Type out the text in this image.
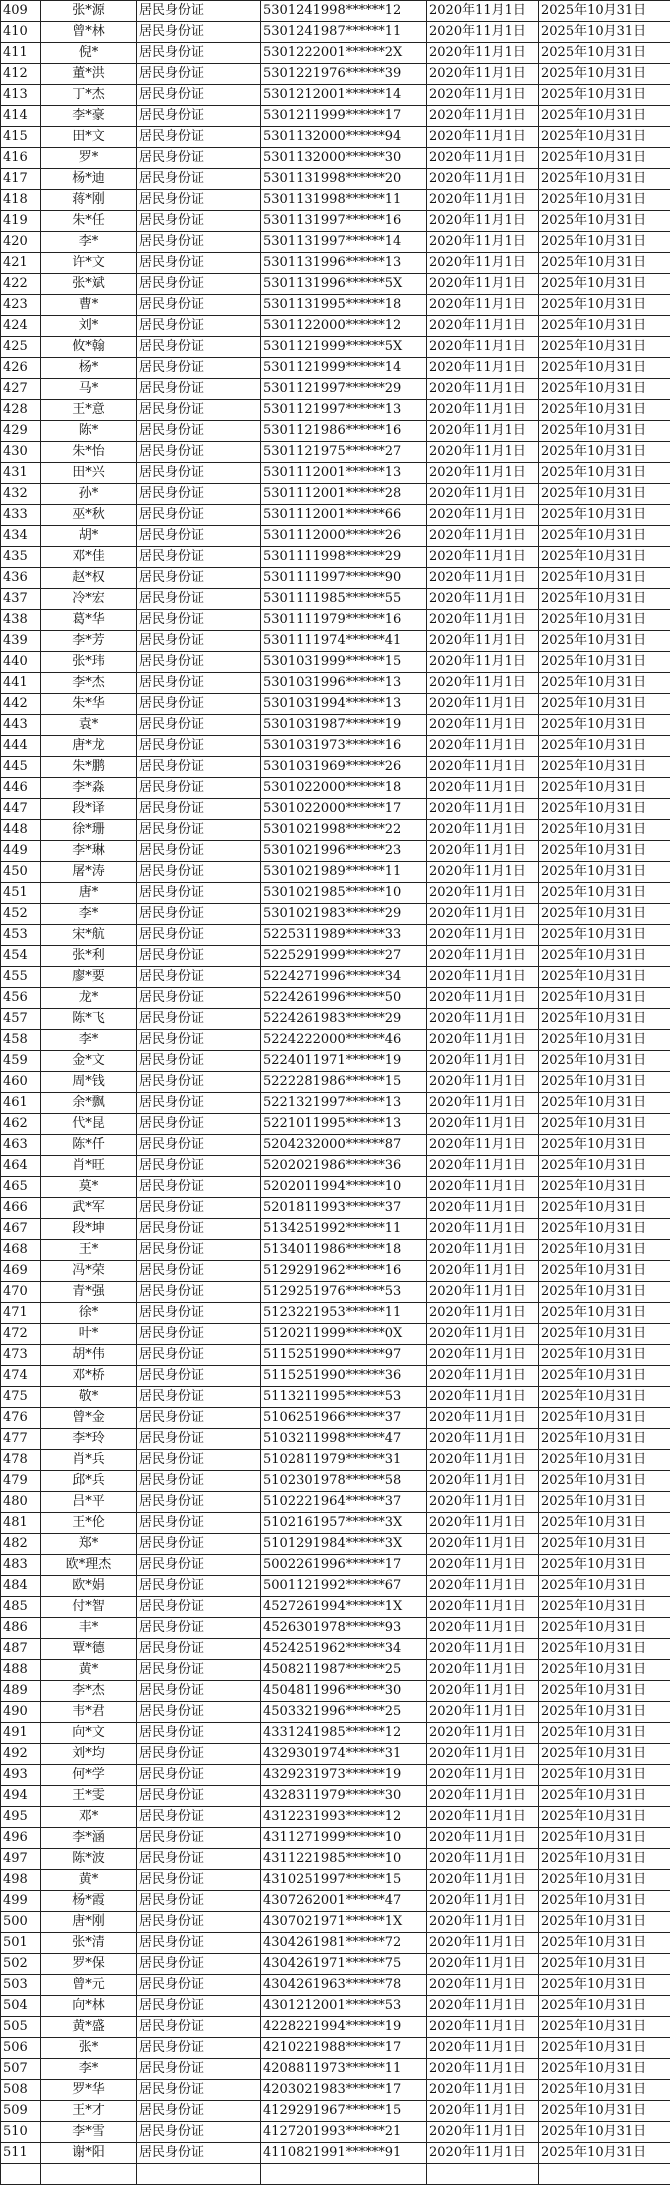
409	张*源	居民身份证	5301241998******12	2020年11月1日	2025年10月31日
410	曾*林	居民身份证	5301241987******11	2020年11月1日	2025年10月31日
411	倪*	居民身份证	5301222001******2X	2020年11月1日	2025年10月31日
412	董*洪	居民身份证	5301221976******39	2020年11月1日	2025年10月31日
413	丁*杰	居民身份证	5301212001******14	2020年11月1日	2025年10月31日
414	李*豪	居民身份证	5301211999******17	2020年11月1日	2025年10月31日
415	田*文	居民身份证	5301132000******94	2020年11月1日	2025年10月31日
416	罗*	居民身份证	5301132000******30	2020年11月1日	2025年10月31日
417	杨*迪	居民身份证	5301131998******20	2020年11月1日	2025年10月31日
418	蒋*刚	居民身份证	5301131998******11	2020年11月1日	2025年10月31日
419	朱*任	居民身份证	5301131997******16	2020年11月1日	2025年10月31日
420	李*	居民身份证	5301131997******14	2020年11月1日	2025年10月31日
421	许*文	居民身份证	5301131996******13	2020年11月1日	2025年10月31日
422	张*斌	居民身份证	5301131996******5X	2020年11月1日	2025年10月31日
423	曹*	居民身份证	5301131995******18	2020年11月1日	2025年10月31日
424	刘*	居民身份证	5301122000******12	2020年11月1日	2025年10月31日
425	攸*翰	居民身份证	5301121999******5X	2020年11月1日	2025年10月31日
426	杨*	居民身份证	5301121999******14	2020年11月1日	2025年10月31日
427	马*	居民身份证	5301121997******29	2020年11月1日	2025年10月31日
428	王*意	居民身份证	5301121997******13	2020年11月1日	2025年10月31日
429	陈*	居民身份证	5301121986******16	2020年11月1日	2025年10月31日
430	朱*怡	居民身份证	5301121975******27	2020年11月1日	2025年10月31日
431	田*兴	居民身份证	5301112001******13	2020年11月1日	2025年10月31日
432	孙*	居民身份证	5301112001******28	2020年11月1日	2025年10月31日
433	巫*秋	居民身份证	5301112001******66	2020年11月1日	2025年10月31日
434	胡*	居民身份证	5301112000******26	2020年11月1日	2025年10月31日
435	邓*佳	居民身份证	5301111998******29	2020年11月1日	2025年10月31日
436	赵*权	居民身份证	5301111997******90	2020年11月1日	2025年10月31日
437	冷*宏	居民身份证	5301111985******55	2020年11月1日	2025年10月31日
438	葛*华	居民身份证	5301111979******16	2020年11月1日	2025年10月31日
439	李*芳	居民身份证	5301111974******41	2020年11月1日	2025年10月31日
440	张*玮	居民身份证	5301031999******15	2020年11月1日	2025年10月31日
441	李*杰	居民身份证	5301031996******13	2020年11月1日	2025年10月31日
442	朱*华	居民身份证	5301031994******13	2020年11月1日	2025年10月31日
443	袁*	居民身份证	5301031987******19	2020年11月1日	2025年10月31日
444	唐*龙	居民身份证	5301031973******16	2020年11月1日	2025年10月31日
445	朱*鹏	居民身份证	5301031969******26	2020年11月1日	2025年10月31日
446	李*淼	居民身份证	5301022000******18	2020年11月1日	2025年10月31日
447	段*译	居民身份证	5301022000******17	2020年11月1日	2025年10月31日
448	徐*珊	居民身份证	5301021998******22	2020年11月1日	2025年10月31日
449	李*琳	居民身份证	5301021996******23	2020年11月1日	2025年10月31日
450	屠*涛	居民身份证	5301021989******11	2020年11月1日	2025年10月31日
451	唐*	居民身份证	5301021985******10	2020年11月1日	2025年10月31日
452	李*	居民身份证	5301021983******29	2020年11月1日	2025年10月31日
453	宋*航	居民身份证	5225311989******33	2020年11月1日	2025年10月31日
454	张*利	居民身份证	5225291999******27	2020年11月1日	2025年10月31日
455	廖*要	居民身份证	5224271996******34	2020年11月1日	2025年10月31日
456	龙*	居民身份证	5224261996******50	2020年11月1日	2025年10月31日
457	陈*飞	居民身份证	5224261983******29	2020年11月1日	2025年10月31日
458	李*	居民身份证	5224222000******46	2020年11月1日	2025年10月31日
459	金*文	居民身份证	5224011971******19	2020年11月1日	2025年10月31日
460	周*钱	居民身份证	5222281986******15	2020年11月1日	2025年10月31日
461	余*飘	居民身份证	5221321997******13	2020年11月1日	2025年10月31日
462	代*昆	居民身份证	5221011995******13	2020年11月1日	2025年10月31日
463	陈*仟	居民身份证	5204232000******87	2020年11月1日	2025年10月31日
464	肖*旺	居民身份证	5202021986******36	2020年11月1日	2025年10月31日
465	莫*	居民身份证	5202011994******10	2020年11月1日	2025年10月31日
466	武*军	居民身份证	5201811993******37	2020年11月1日	2025年10月31日
467	段*坤	居民身份证	5134251992******11	2020年11月1日	2025年10月31日
468	王*	居民身份证	5134011986******18	2020年11月1日	2025年10月31日
469	冯*荣	居民身份证	5129291962******16	2020年11月1日	2025年10月31日
470	青*强	居民身份证	5129251976******53	2020年11月1日	2025年10月31日
471	徐*	居民身份证	5123221953******11	2020年11月1日	2025年10月31日
472	叶*	居民身份证	5120211999******0X	2020年11月1日	2025年10月31日
473	胡*伟	居民身份证	5115251990******97	2020年11月1日	2025年10月31日
474	邓*桥	居民身份证	5115251990******36	2020年11月1日	2025年10月31日
475	敬*	居民身份证	5113211995******53	2020年11月1日	2025年10月31日
476	曾*金	居民身份证	5106251966******37	2020年11月1日	2025年10月31日
477	李*玲	居民身份证	5103211998******47	2020年11月1日	2025年10月31日
478	肖*兵	居民身份证	5102811979******31	2020年11月1日	2025年10月31日
479	邱*兵	居民身份证	5102301978******58	2020年11月1日	2025年10月31日
480	吕*平	居民身份证	5102221964******37	2020年11月1日	2025年10月31日
481	王*伦	居民身份证	5102161957******3X	2020年11月1日	2025年10月31日
482	郑*	居民身份证	5101291984******3X	2020年11月1日	2025年10月31日
483	欧*理杰	居民身份证	5002261996******17	2020年11月1日	2025年10月31日
484	欧*娟	居民身份证	5001121992******67	2020年11月1日	2025年10月31日
485	付*智	居民身份证	4527261994******1X	2020年11月1日	2025年10月31日
486	丰*	居民身份证	4526301978******93	2020年11月1日	2025年10月31日
487	覃*德	居民身份证	4524251962******34	2020年11月1日	2025年10月31日
488	黄*	居民身份证	4508211987******25	2020年11月1日	2025年10月31日
489	李*杰	居民身份证	4504811996******30	2020年11月1日	2025年10月31日
490	韦*君	居民身份证	4503321996******25	2020年11月1日	2025年10月31日
491	向*文	居民身份证	4331241985******12	2020年11月1日	2025年10月31日
492	刘*均	居民身份证	4329301974******31	2020年11月1日	2025年10月31日
493	何*学	居民身份证	4329231973******19	2020年11月1日	2025年10月31日
494	王*雯	居民身份证	4328311979******30	2020年11月1日	2025年10月31日
495	邓*	居民身份证	4312231993******12	2020年11月1日	2025年10月31日
496	李*涵	居民身份证	4311271999******10	2020年11月1日	2025年10月31日
497	陈*波	居民身份证	4311221985******10	2020年11月1日	2025年10月31日
498	黄*	居民身份证	4310251997******15	2020年11月1日	2025年10月31日
499	杨*霞	居民身份证	4307262001******47	2020年11月1日	2025年10月31日
500	唐*刚	居民身份证	4307021971******1X	2020年11月1日	2025年10月31日
501	张*清	居民身份证	4304261981******72	2020年11月1日	2025年10月31日
502	罗*保	居民身份证	4304261971******75	2020年11月1日	2025年10月31日
503	曾*元	居民身份证	4304261963******78	2020年11月1日	2025年10月31日
504	向*林	居民身份证	4301212001******53	2020年11月1日	2025年10月31日
505	黄*盛	居民身份证	4228221994******19	2020年11月1日	2025年10月31日
506	张*	居民身份证	4210221988******17	2020年11月1日	2025年10月31日
507	李*	居民身份证	4208811973******11	2020年11月1日	2025年10月31日
508	罗*华	居民身份证	4203021983******17	2020年11月1日	2025年10月31日
509	王*才	居民身份证	4129291967******15	2020年11月1日	2025年10月31日
510	李*雪	居民身份证	4127201993******21	2020年11月1日	2025年10月31日
511	谢*阳	居民身份证	4110821991******91	2020年11月1日	2025年10月31日
